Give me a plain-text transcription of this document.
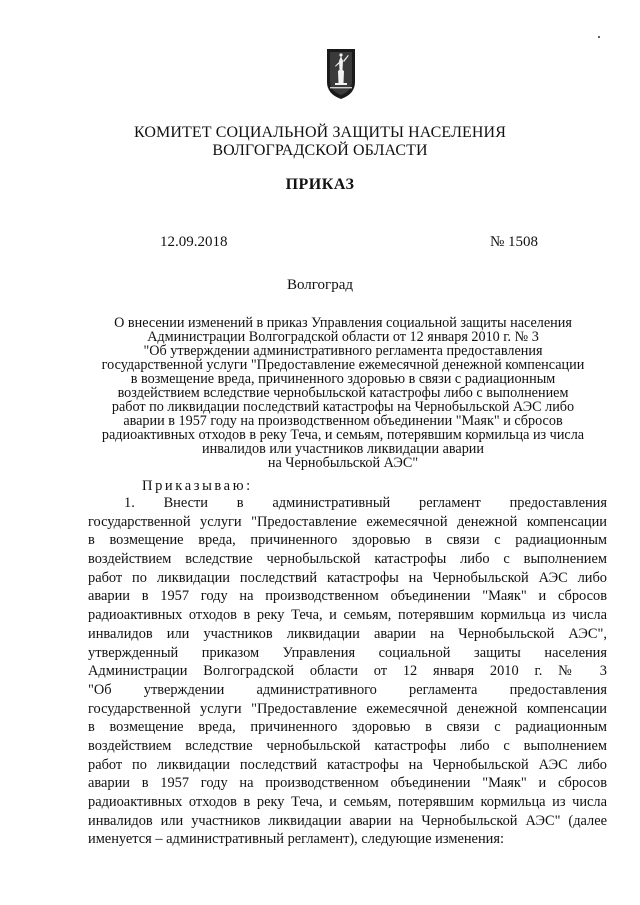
КОМИТЕТ СОЦИАЛЬНОЙ ЗАЩИТЫ НАСЕЛЕНИЯ
ВОЛГОГРАДСКОЙ ОБЛАСТИ
ПРИКАЗ
12.09.2018	№ 1508
Волгоград
О внесении изменений в приказ Управления социальной защиты населения
Администрации Волгоградской области от 12 января 2010 г. № 3
"Об утверждении административного регламента предоставления
государственной услуги "Предоставление ежемесячной денежной компенсации
в возмещение вреда, причиненного здоровью в связи с радиационным
воздействием вследствие чернобыльской катастрофы либо с выполнением
работ по ликвидации последствий катастрофы на Чернобыльской АЭС либо
аварии в 1957 году на производственном объединении "Маяк" и сбросов
радиоактивных отходов в реку Теча, и семьям, потерявшим кормильца из числа
инвалидов или участников ликвидации аварии
на Чернобыльской АЭС"
Приказываю:
1. Внести в административный регламент предоставления
государственной услуги "Предоставление ежемесячной денежной компенсации
в возмещение вреда, причиненного здоровью в связи с радиационным
воздействием вследствие чернобыльской катастрофы либо с выполнением
работ по ликвидации последствий катастрофы на Чернобыльской АЭС либо
аварии в 1957 году на производственном объединении "Маяк" и сбросов
радиоактивных отходов в реку Теча, и семьям, потерявшим кормильца из числа
инвалидов или участников ликвидации аварии на Чернобыльской АЭС",
утвержденный приказом Управления социальной защиты населения
Администрации Волгоградской области от 12 января 2010 г. № 3
"Об утверждении административного регламента предоставления
государственной услуги "Предоставление ежемесячной денежной компенсации
в возмещение вреда, причиненного здоровью в связи с радиационным
воздействием вследствие чернобыльской катастрофы либо с выполнением
работ по ликвидации последствий катастрофы на Чернобыльской АЭС либо
аварии в 1957 году на производственном объединении "Маяк" и сбросов
радиоактивных отходов в реку Теча, и семьям, потерявшим кормильца из числа
инвалидов или участников ликвидации аварии на Чернобыльской АЭС" (далее
именуется – административный регламент), следующие изменения:
